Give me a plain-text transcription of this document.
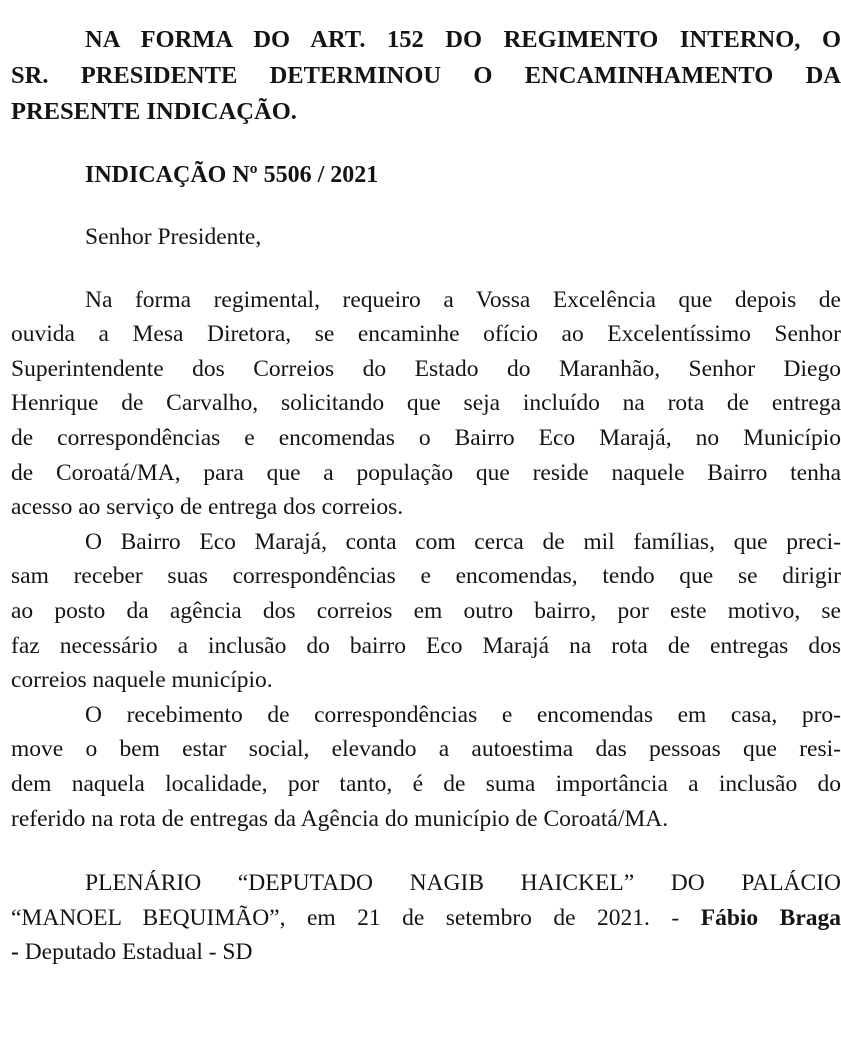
NA FORMA DO ART. 152 DO REGIMENTO INTERNO, O
SR. PRESIDENTE DETERMINOU O ENCAMINHAMENTO DA
PRESENTE INDICAÇÃO.
INDICAÇÃO Nº 5506 / 2021
Senhor Presidente,
Na forma regimental, requeiro a Vossa Excelência que depois de
ouvida a Mesa Diretora, se encaminhe ofício ao Excelentíssimo Senhor
Superintendente dos Correios do Estado do Maranhão, Senhor Diego
Henrique de Carvalho, solicitando que seja incluído na rota de entrega
de correspondências e encomendas o Bairro Eco Marajá, no Município
de Coroatá/MA, para que a população que reside naquele Bairro tenha
acesso ao serviço de entrega dos correios.
O Bairro Eco Marajá, conta com cerca de mil famílias, que preci-
sam receber suas correspondências e encomendas, tendo que se dirigir
ao posto da agência dos correios em outro bairro, por este motivo, se
faz necessário a inclusão do bairro Eco Marajá na rota de entregas dos
correios naquele município.
O recebimento de correspondências e encomendas em casa, pro-
move o bem estar social, elevando a autoestima das pessoas que resi-
dem naquela localidade, por tanto, é de suma importância a inclusão do
referido na rota de entregas da Agência do município de Coroatá/MA.
PLENÁRIO “DEPUTADO NAGIB HAICKEL” DO PALÁCIO
“MANOEL BEQUIMÃO”, em 21 de setembro de 2021. - Fábio Braga
- Deputado Estadual - SD
